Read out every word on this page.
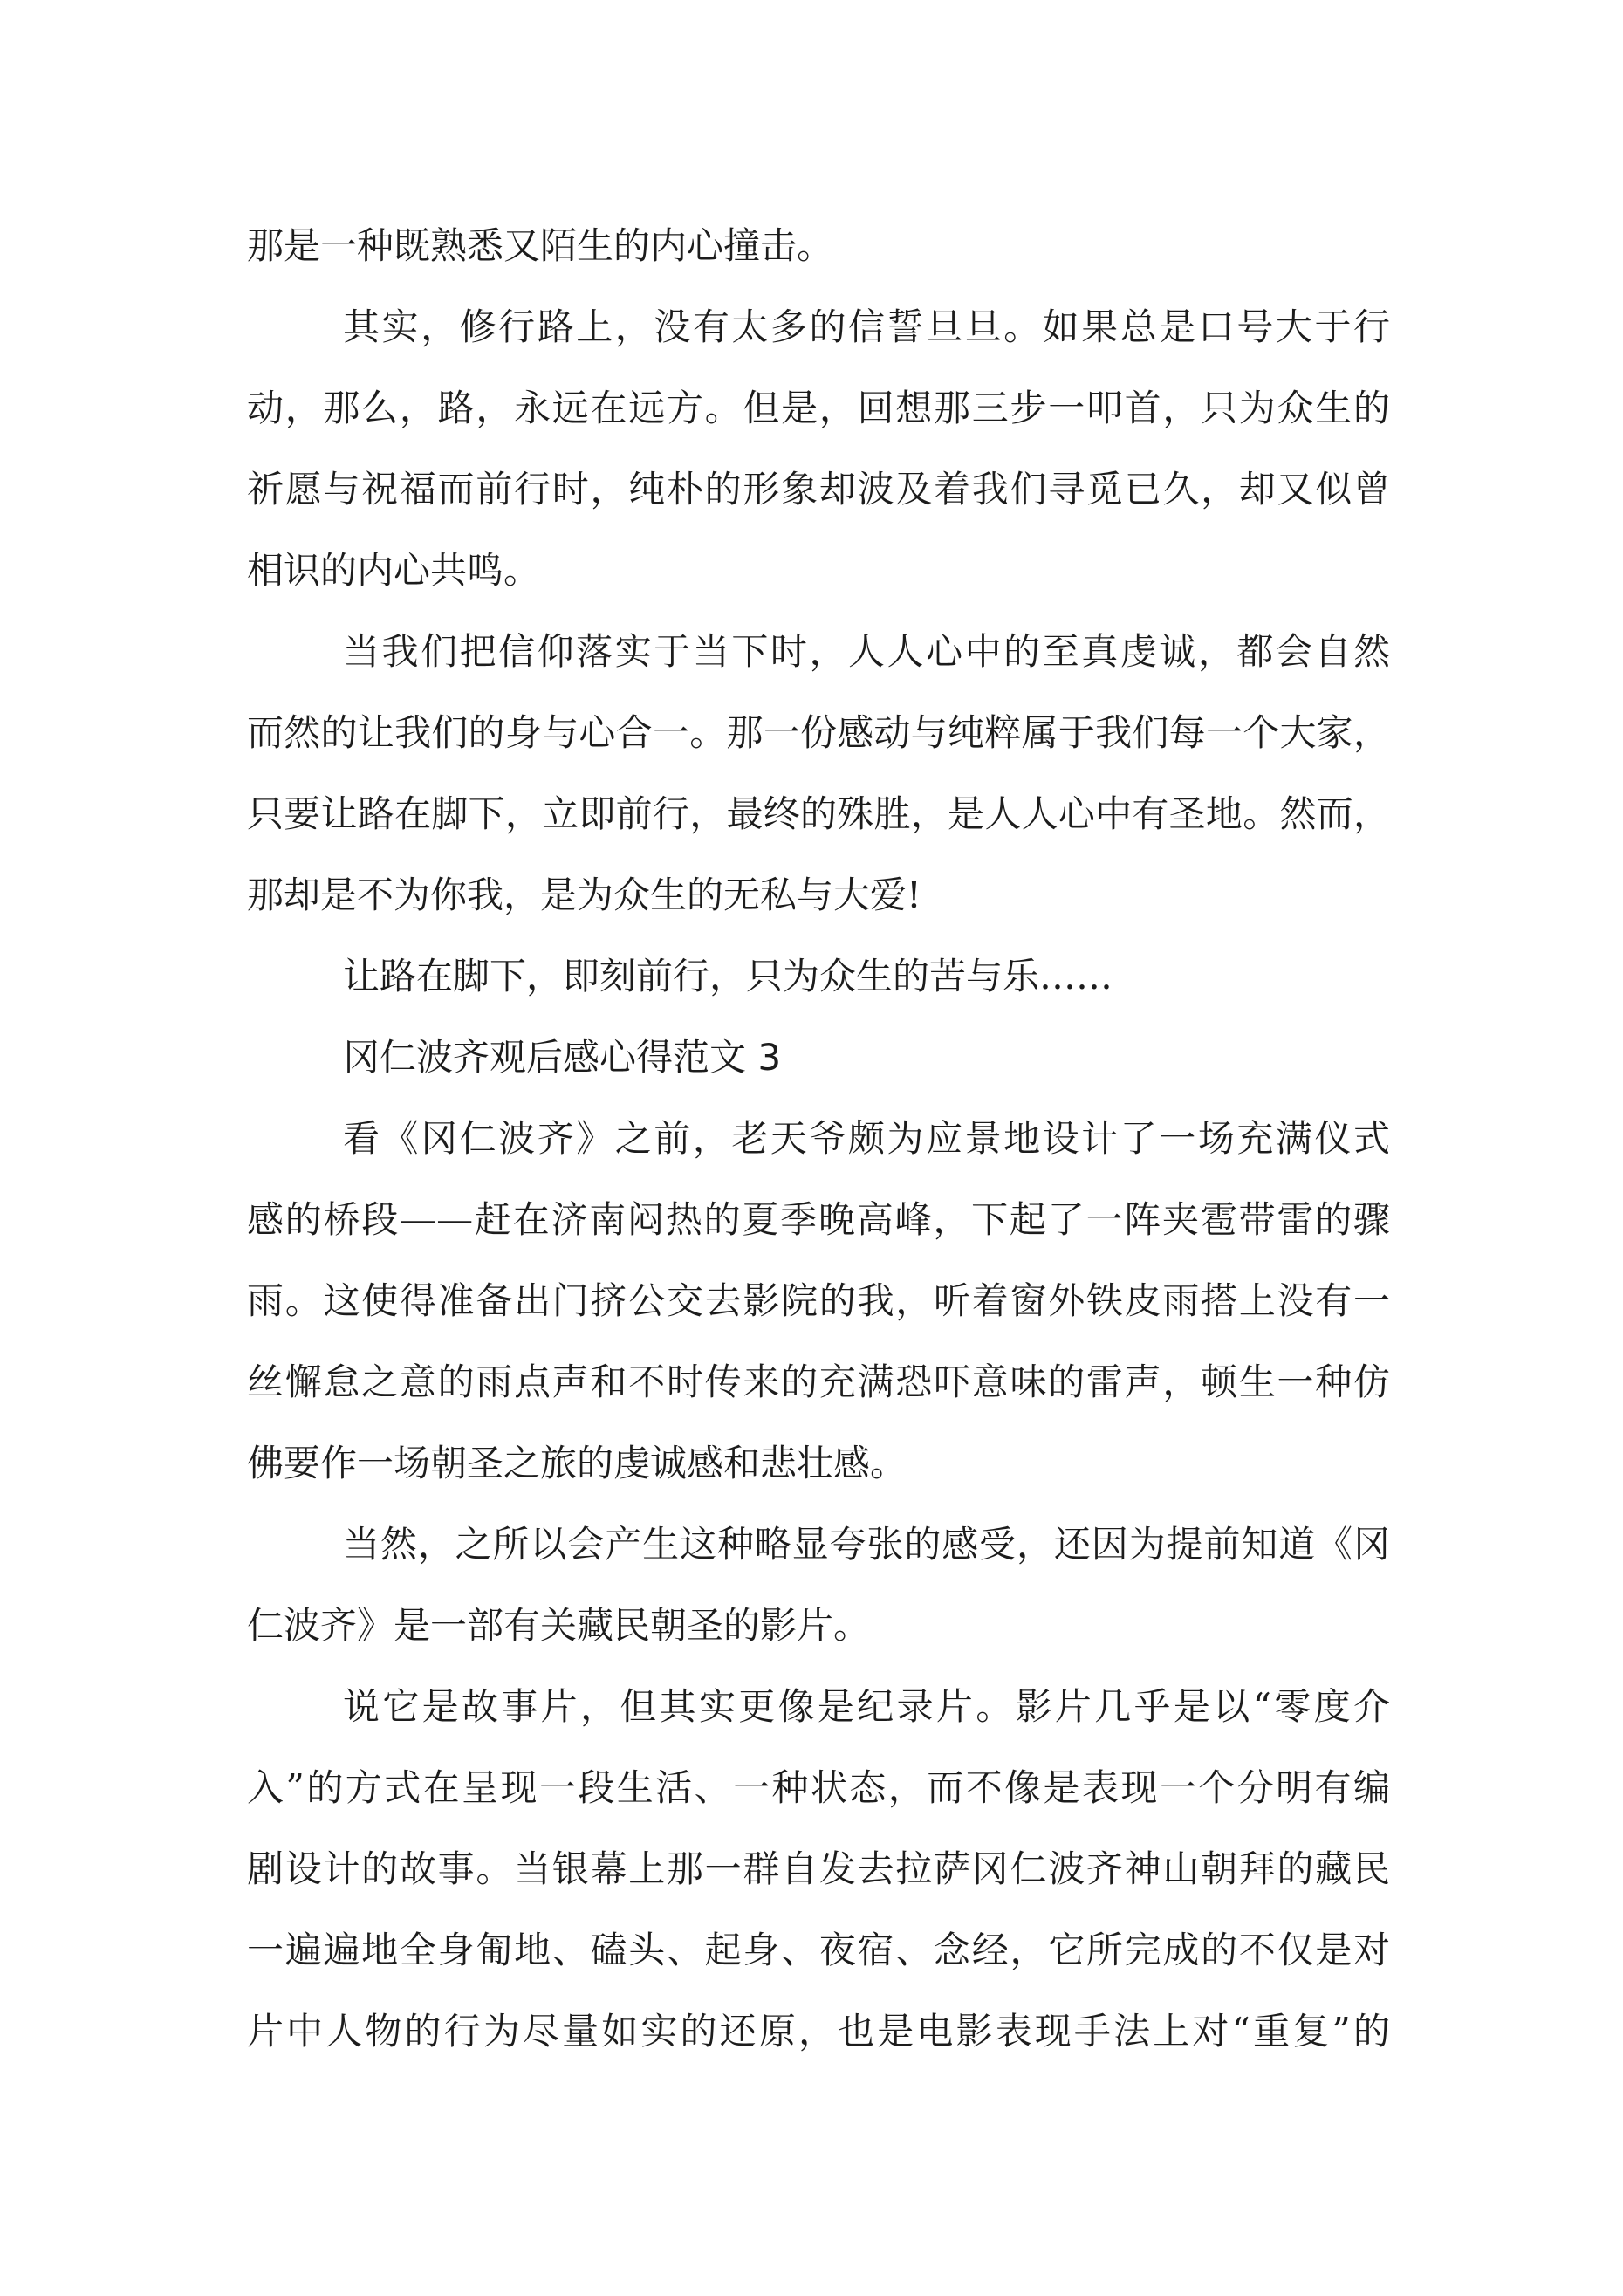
那是一种既熟悉又陌生的内心撞击。
其实，修行路上，没有太多的信誓旦旦。如果总是口号大于行
动，那么，路，永远在远方。但是，回想那三步一叩首，只为众生的
祈愿与祝福而前行时，纯朴的形象却波及着我们寻觅已久，却又似曾
相识的内心共鸣。
当我们把信仰落实于当下时，人人心中的至真虔诚，都会自然
而然的让我们的身与心合一。那一份感动与纯粹属于我们每一个大家，
只要让路在脚下，立即前行，最终的殊胜，是人人心中有圣地。然而，
那却是不为你我，是为众生的无私与大爱!
让路在脚下，即刻前行，只为众生的苦与乐……
冈仁波齐观后感心得范文 3
看《冈仁波齐》之前，老天爷颇为应景地设计了一场充满仪式
感的桥段——赶在济南闷热的夏季晚高峰，下起了一阵夹雹带雷的骤
雨。这使得准备出门挤公交去影院的我，听着窗外铁皮雨搭上没有一
丝懈怠之意的雨点声和不时传来的充满恐吓意味的雷声，顿生一种仿
佛要作一场朝圣之旅的虔诚感和悲壮感。
当然，之所以会产生这种略显夸张的感受，还因为提前知道《冈
仁波齐》是一部有关藏民朝圣的影片。
说它是故事片，但其实更像是纪录片。影片几乎是以“零度介
入”的方式在呈现一段生活、一种状态，而不像是表现一个分明有编
剧设计的故事。当银幕上那一群自发去拉萨冈仁波齐神山朝拜的藏民
一遍遍地全身匍地、磕头、起身、夜宿、念经，它所完成的不仅是对
片中人物的行为尽量如实的还原，也是电影表现手法上对“重复”的
